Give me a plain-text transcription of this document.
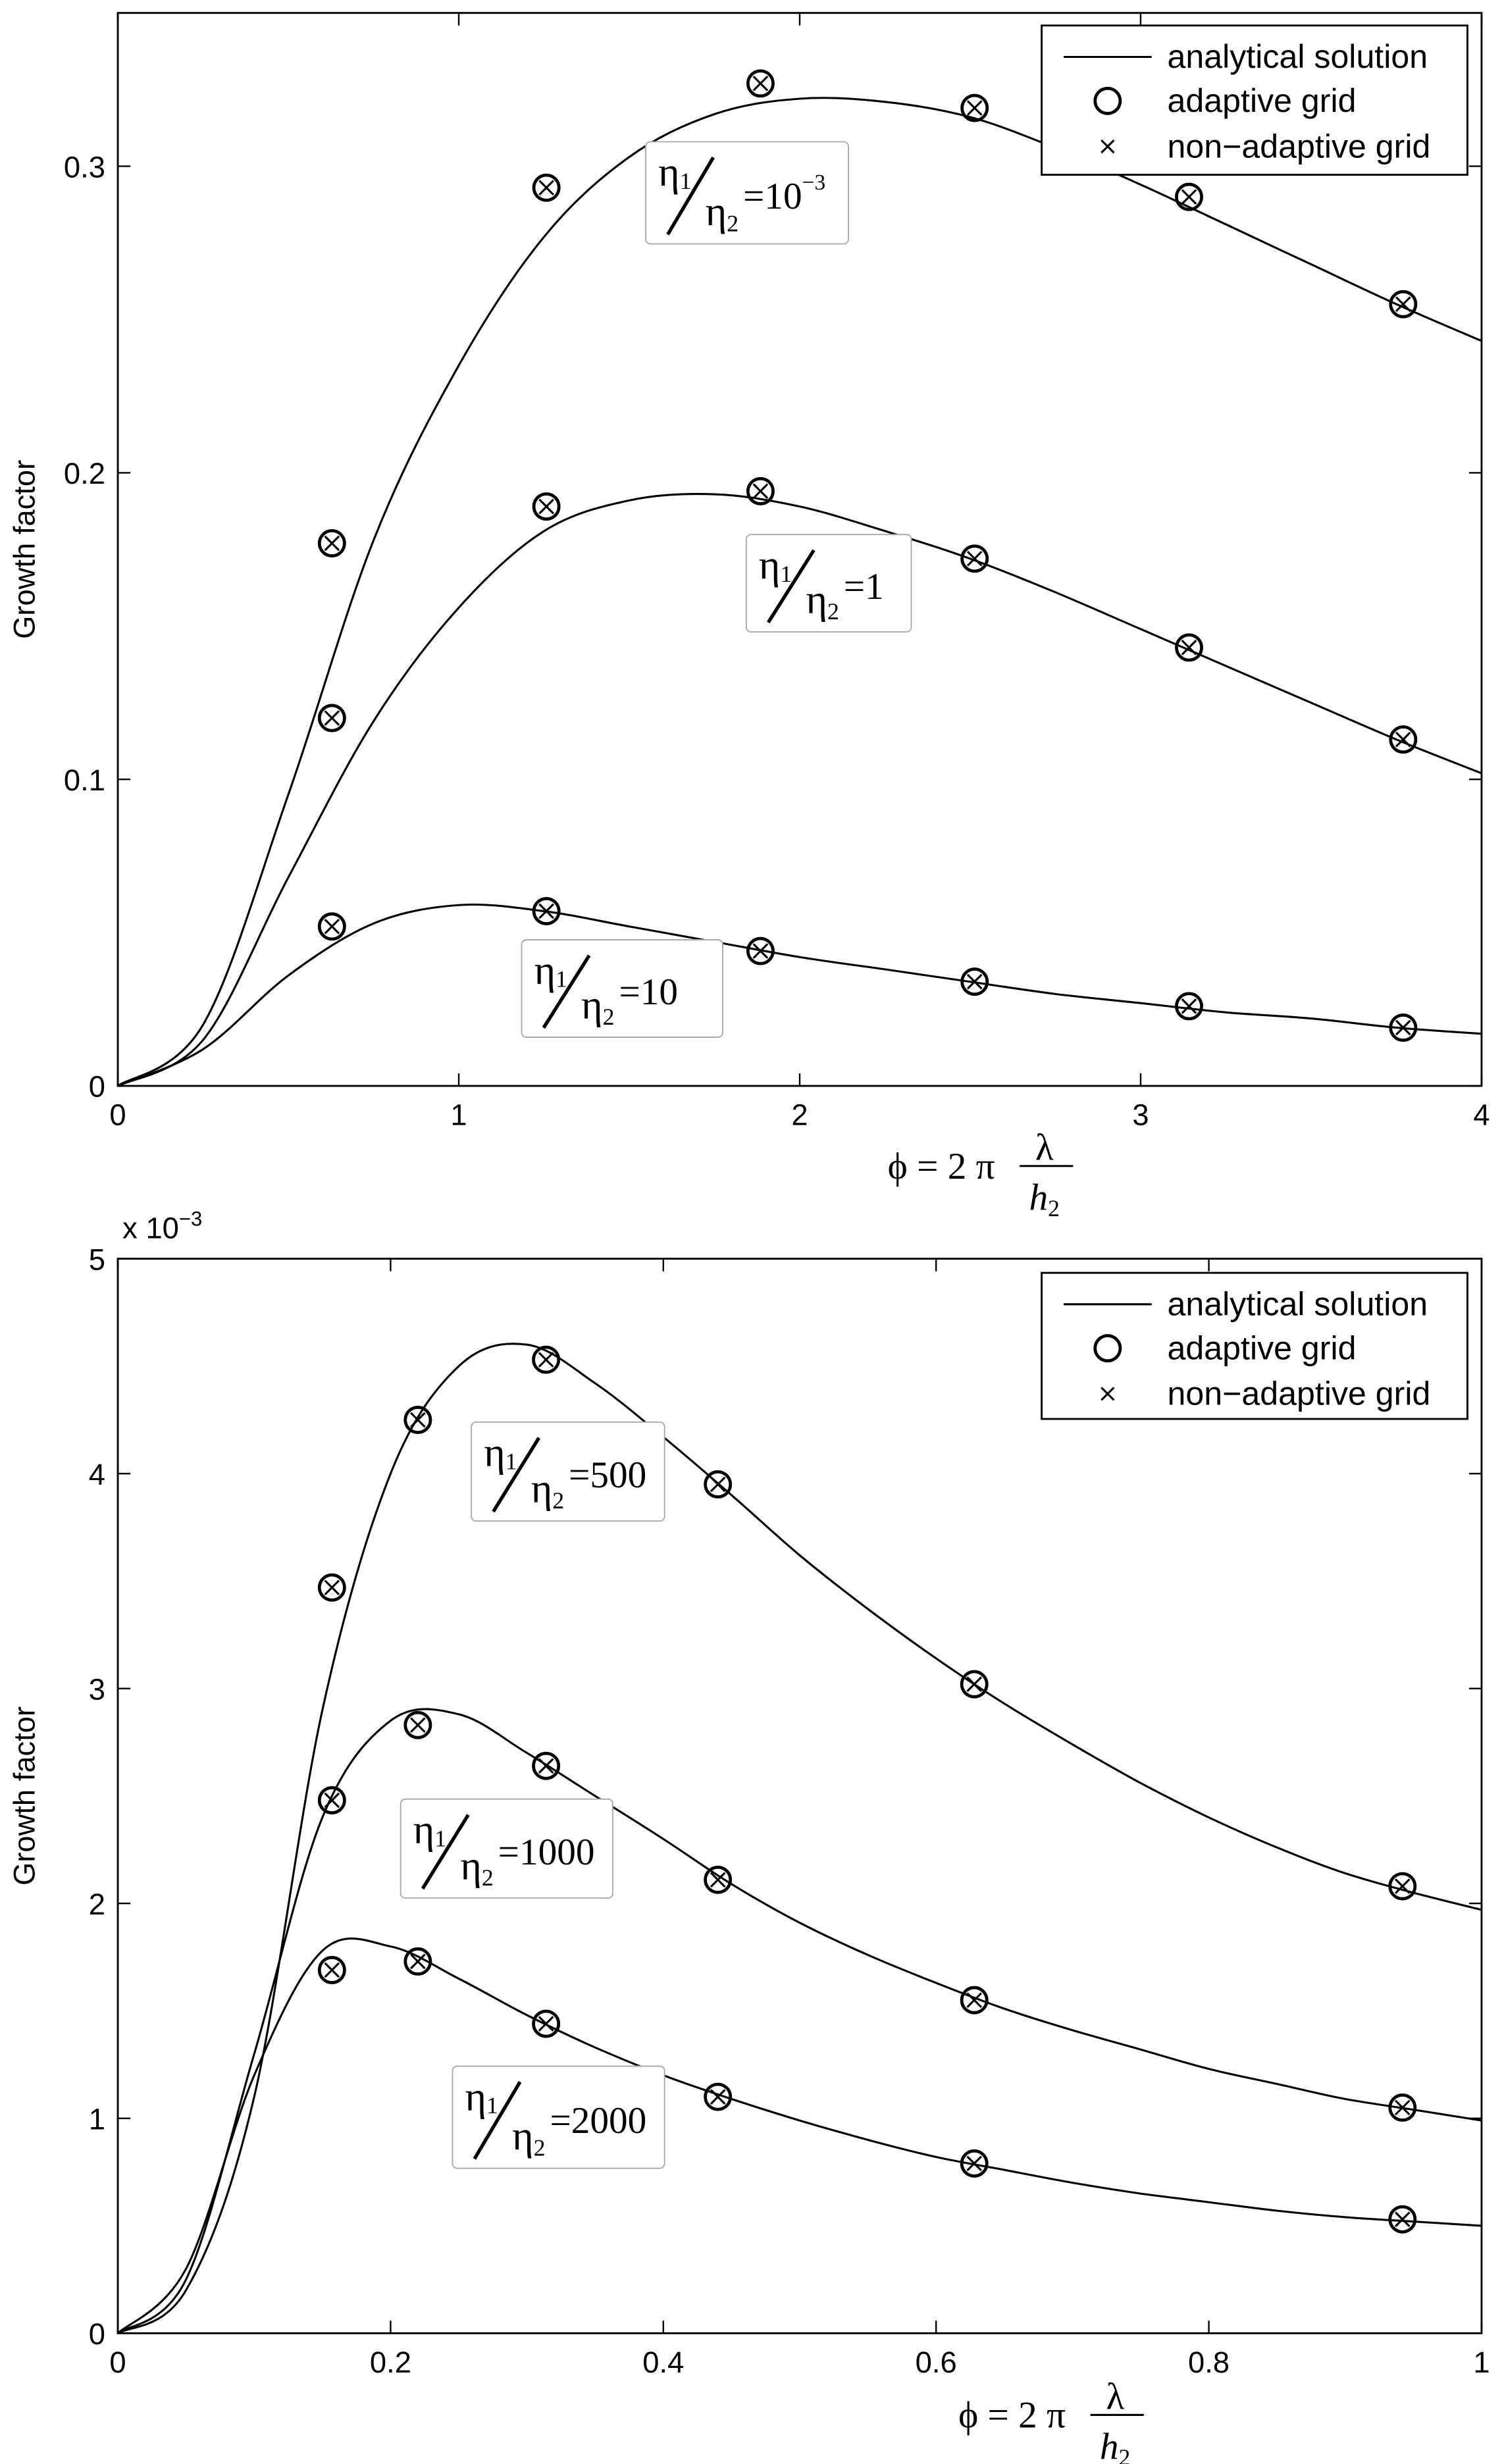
0	1	2	3	4
0
0.1
0.2
0.3
Growth factor
ϕ = 2 π	λ
h2
η1
η2
$=10^{-3}$
η1
η2
=1
η1
η2
=10
analytical solution
adaptive grid
non−adaptive grid
0	0.2	0.4	0.6	0.8	1
0
1
2
3
4
5
x $10^{-3}$
Growth factor
ϕ = 2 π	λ
h2
η1
η2
=500
η1
η2
=1000
η1
η2
=2000
analytical solution
adaptive grid
non−adaptive grid
